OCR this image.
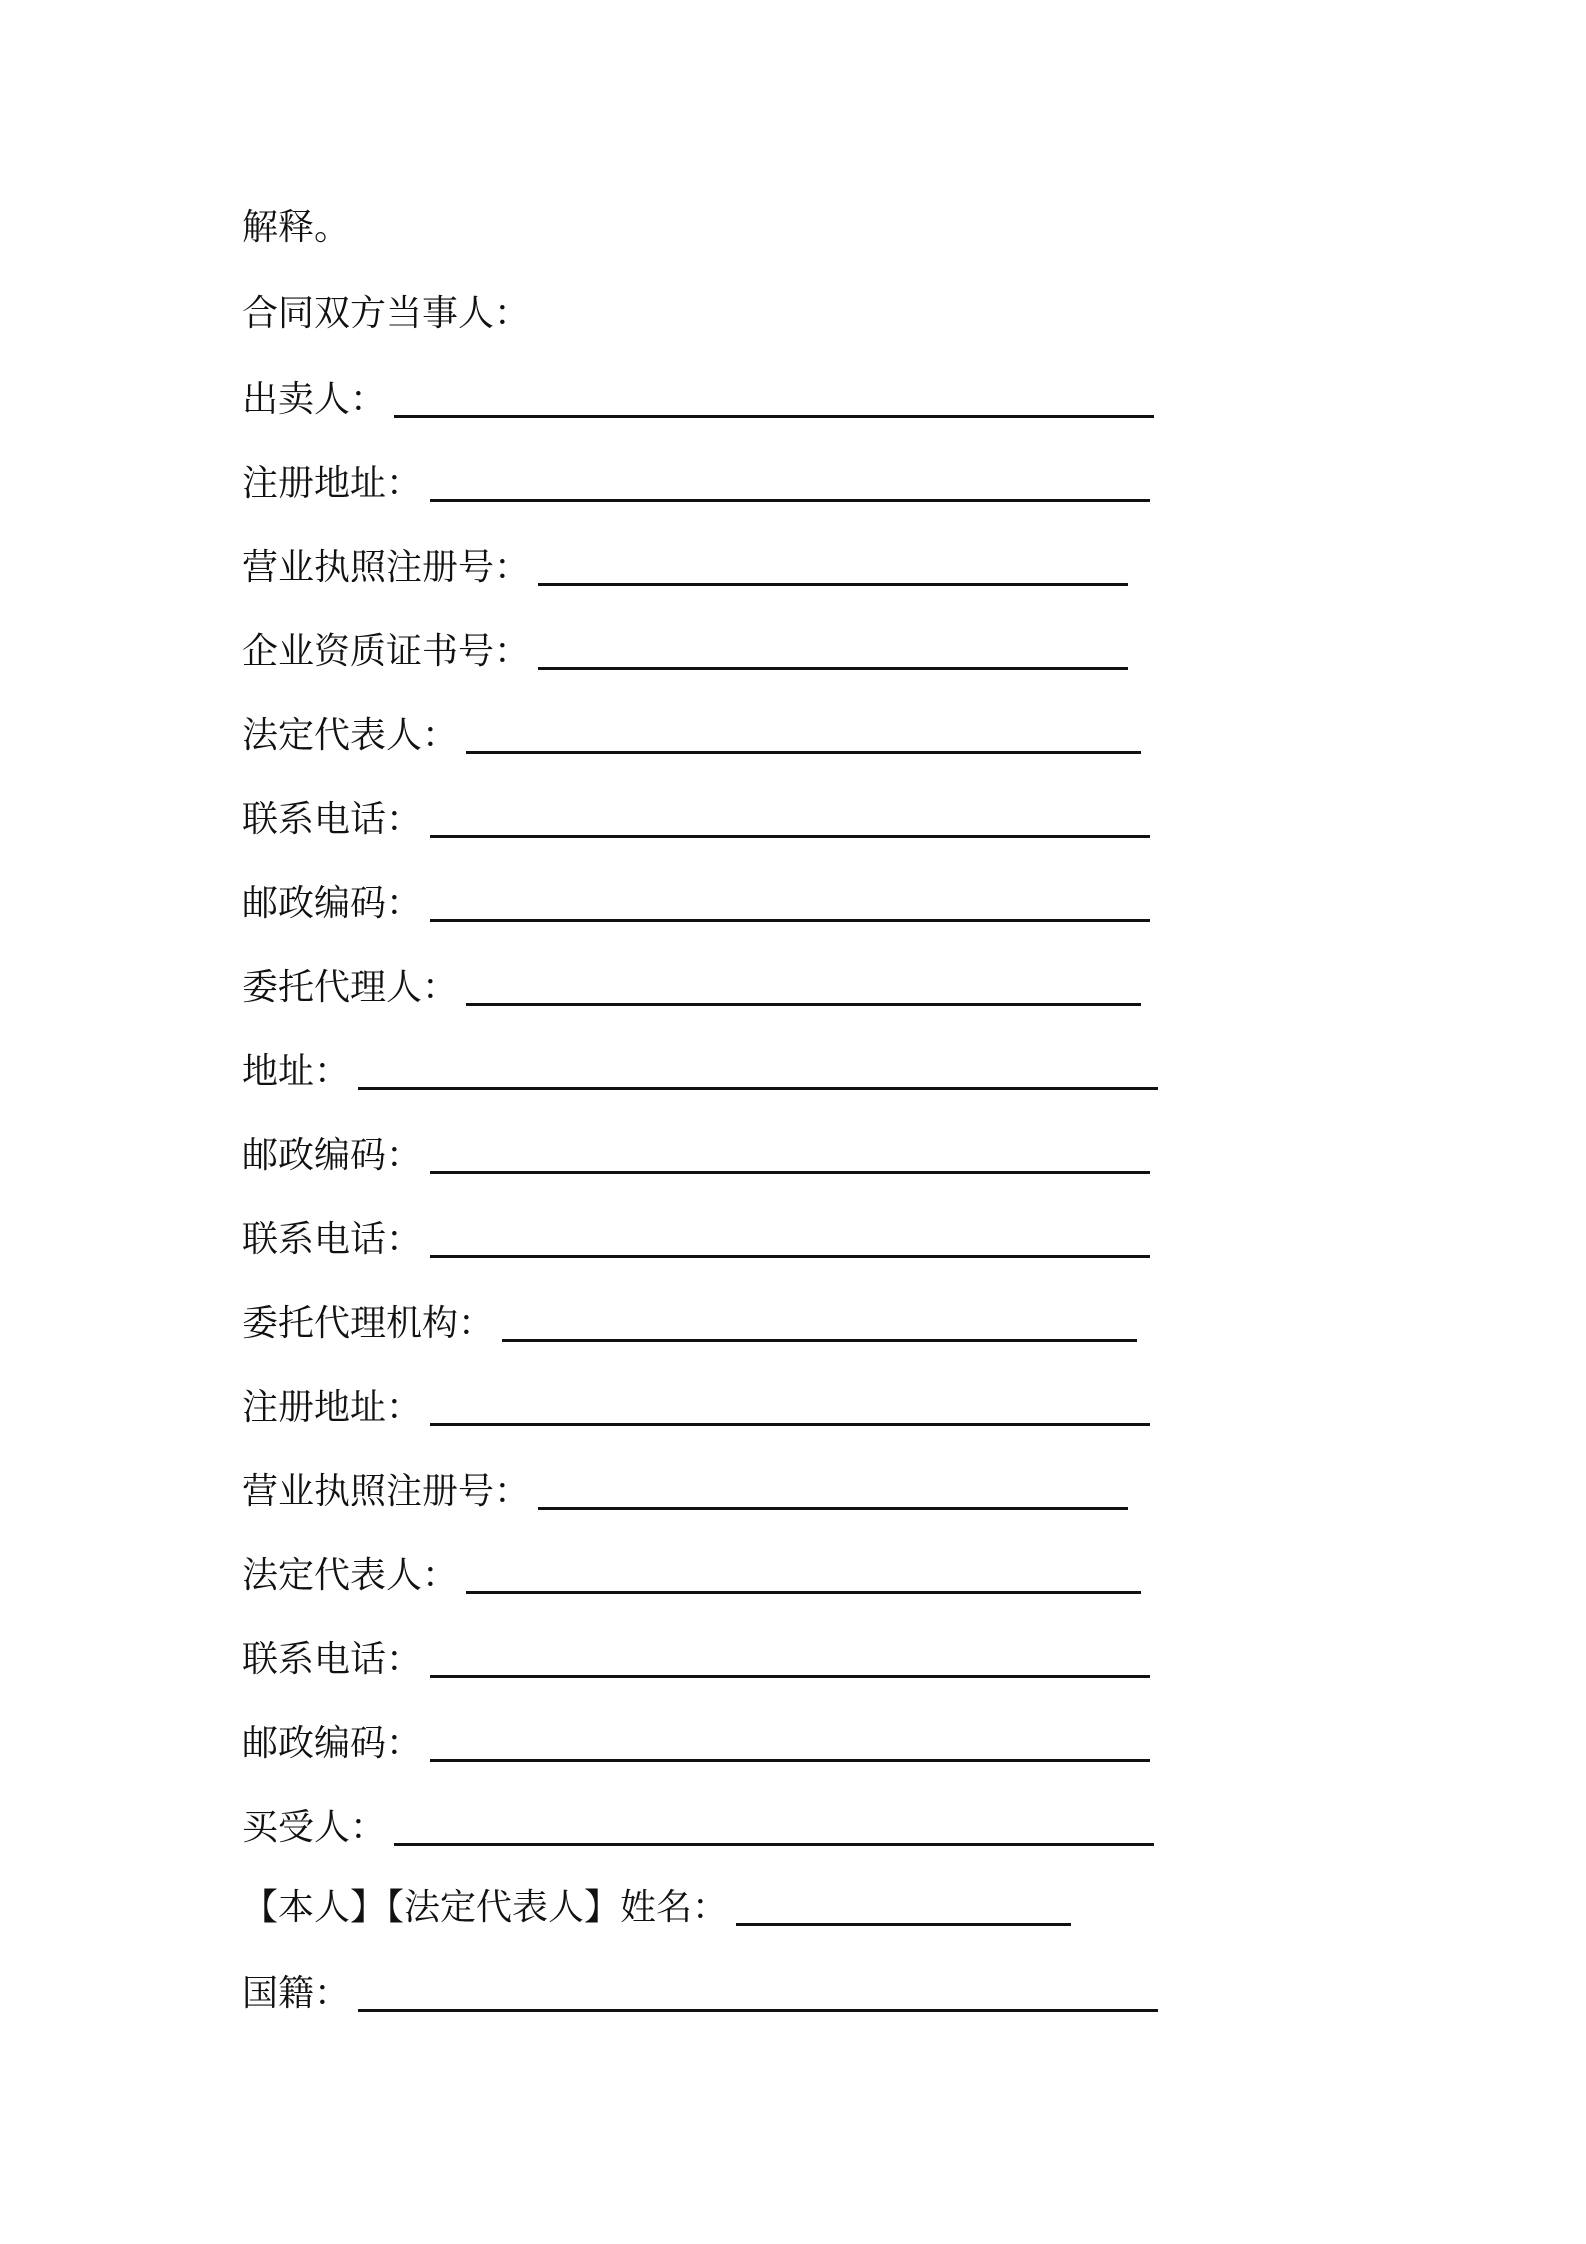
解释。
合同双方当事人：
出卖人：
注册地址：
营业执照注册号：
企业资质证书号：
法定代表人：
联系电话：
邮政编码：
委托代理人：
地址：
邮政编码：
联系电话：
委托代理机构：
注册地址：
营业执照注册号：
法定代表人：
联系电话：
邮政编码：
买受人：
【本人】【法定代表人】姓名：
国籍：
